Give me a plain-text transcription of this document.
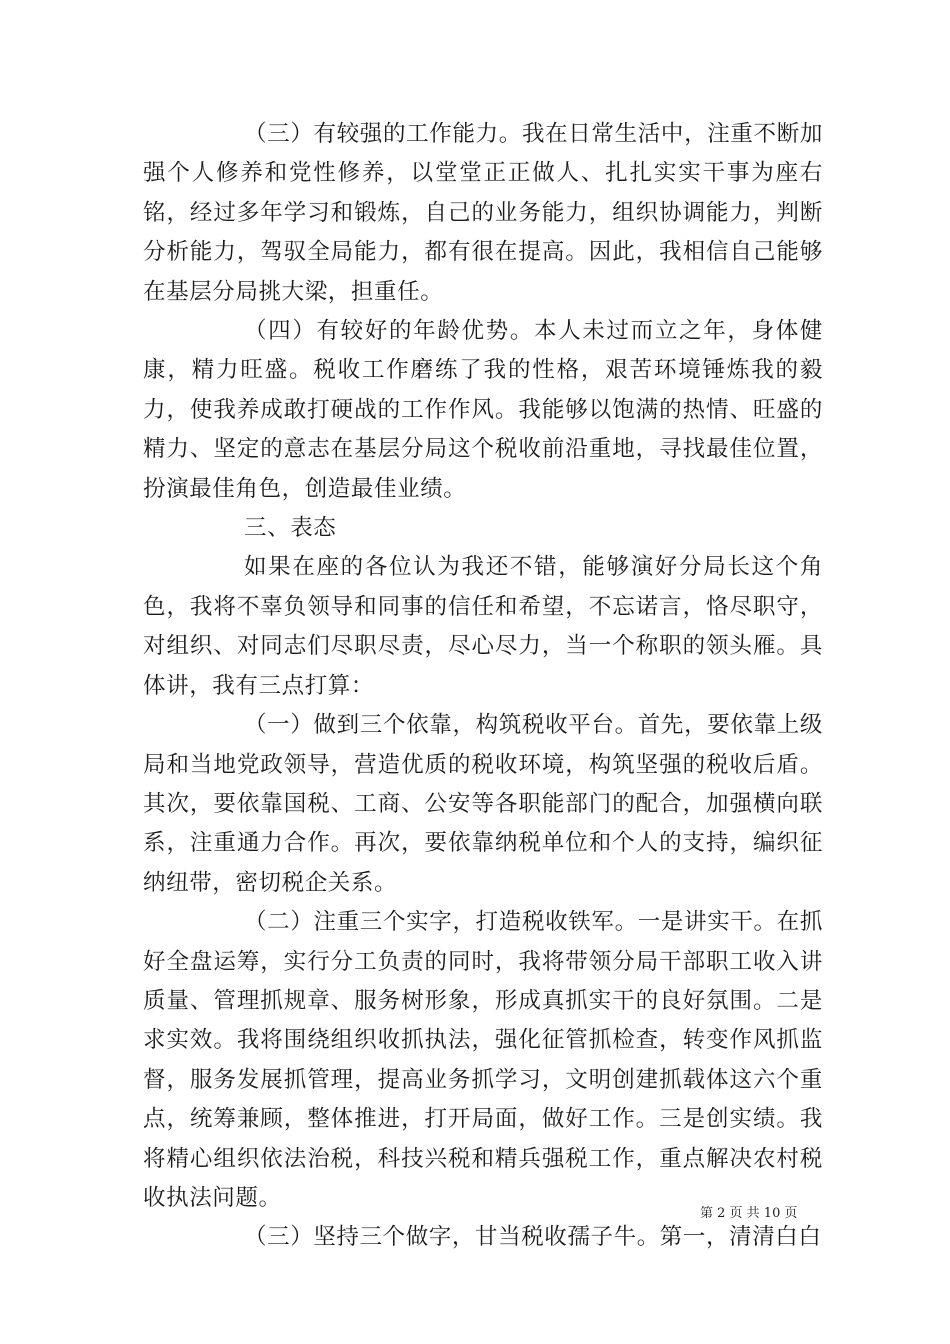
（三）有较强的工作能力。我在日常生活中，注重不断加强个人修养和党性修养，以堂堂正正做人、扎扎实实干事为座右铭，经过多年学习和锻炼，自己的业务能力，组织协调能力，判断分析能力，驾驭全局能力，都有很在提高。因此，我相信自己能够在基层分局挑大梁，担重任。

（四）有较好的年龄优势。本人未过而立之年，身体健康，精力旺盛。税收工作磨练了我的性格，艰苦环境锤炼我的毅力，使我养成敢打硬战的工作作风。我能够以饱满的热情、旺盛的精力、坚定的意志在基层分局这个税收前沿重地，寻找最佳位置，扮演最佳角色，创造最佳业绩。

三、表态

如果在座的各位认为我还不错，能够演好分局长这个角色，我将不辜负领导和同事的信任和希望，不忘诺言，恪尽职守，对组织、对同志们尽职尽责，尽心尽力，当一个称职的领头雁。具体讲，我有三点打算：

（一）做到三个依靠，构筑税收平台。首先，要依靠上级局和当地党政领导，营造优质的税收环境，构筑坚强的税收后盾。其次，要依靠国税、工商、公安等各职能部门的配合，加强横向联系，注重通力合作。再次，要依靠纳税单位和个人的支持，编织征纳纽带，密切税企关系。

（二）注重三个实字，打造税收铁军。一是讲实干。在抓好全盘运筹，实行分工负责的同时，我将带领分局干部职工收入讲质量、管理抓规章、服务树形象，形成真抓实干的良好氛围。二是求实效。我将围绕组织收抓执法，强化征管抓检查，转变作风抓监督，服务发展抓管理，提高业务抓学习，文明创建抓载体这六个重点，统筹兼顾，整体推进，打开局面，做好工作。三是创实绩。我将精心组织依法治税，科技兴税和精兵强税工作，重点解决农村税收执法问题。

（三）坚持三个做字，甘当税收孺子牛。第一，清清白白

第 2 页 共 10 页
